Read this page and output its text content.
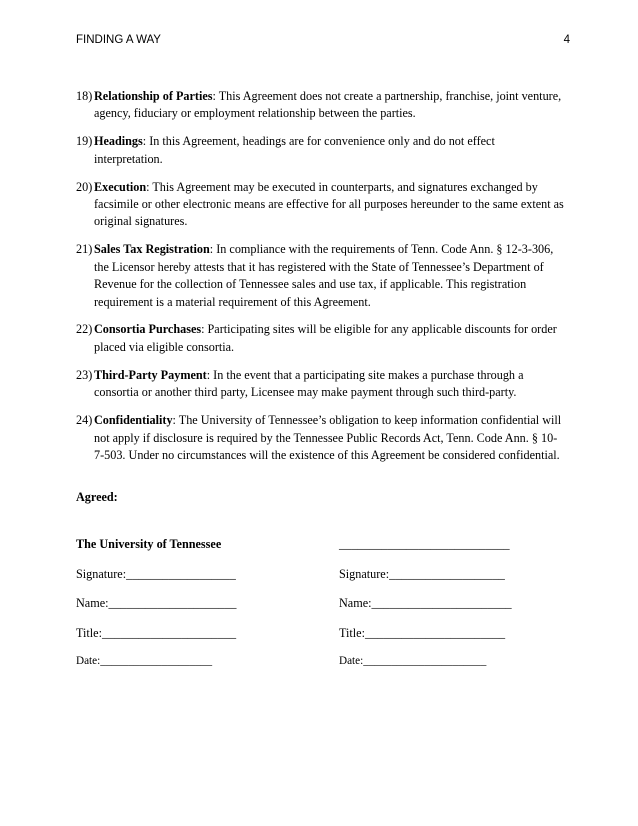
FINDING A WAY	4
18) Relationship of Parties: This Agreement does not create a partnership, franchise, joint venture, agency, fiduciary or employment relationship between the parties.
19) Headings: In this Agreement, headings are for convenience only and do not effect interpretation.
20) Execution: This Agreement may be executed in counterparts, and signatures exchanged by facsimile or other electronic means are effective for all purposes hereunder to the same extent as original signatures.
21) Sales Tax Registration: In compliance with the requirements of Tenn. Code Ann. § 12-3-306, the Licensor hereby attests that it has registered with the State of Tennessee’s Department of Revenue for the collection of Tennessee sales and use tax, if applicable. This registration requirement is a material requirement of this Agreement.
22) Consortia Purchases: Participating sites will be eligible for any applicable discounts for order placed via eligible consortia.
23) Third-Party Payment: In the event that a participating site makes a purchase through a consortia or another third party, Licensee may make payment through such third-party.
24) Confidentiality: The University of Tennessee’s obligation to keep information confidential will not apply if disclosure is required by the Tennessee Public Records Act, Tenn. Code Ann. § 10-7-503. Under no circumstances will the existence of this Agreement be considered confidential.
Agreed:
The University of Tennessee	____________________________
Signature:__________________	Signature:___________________
Name:_____________________	Name:_______________________
Title:______________________	Title:_______________________
Date:____________________	Date:______________________
